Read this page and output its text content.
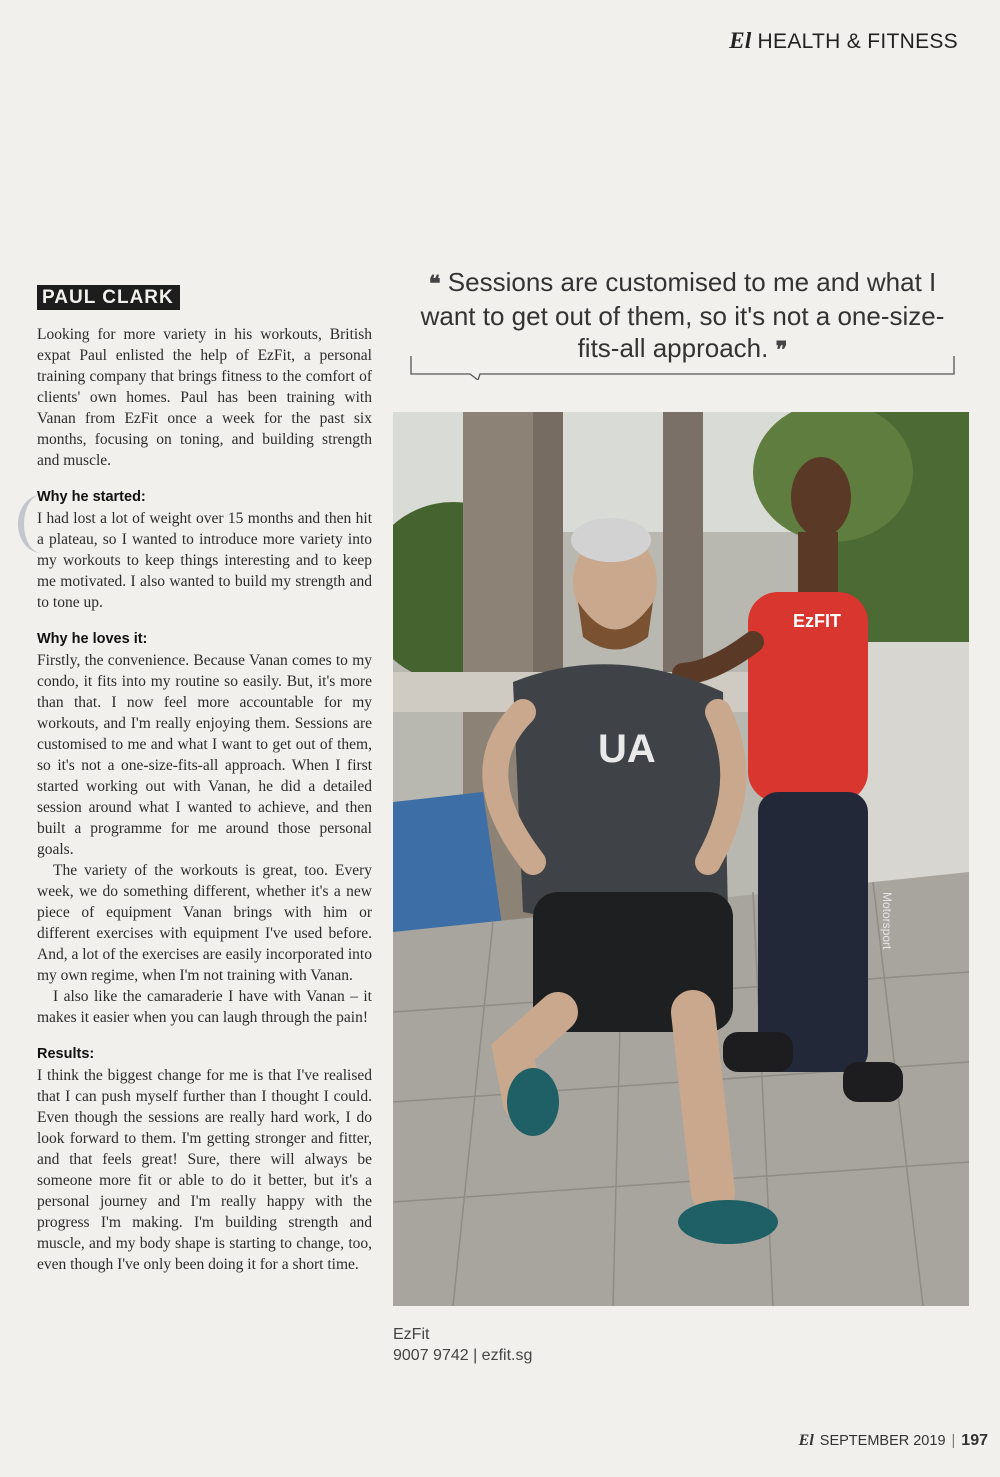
El HEALTH & FITNESS
PAUL CLARK

Looking for more variety in his workouts, British expat Paul enlisted the help of EzFit, a personal training company that brings fitness to the comfort of clients' own homes. Paul has been training with Vanan from EzFit once a week for the past six months, focusing on toning, and building strength and muscle.

Why he started:

I had lost a lot of weight over 15 months and then hit a plateau, so I wanted to introduce more variety into my workouts to keep things interesting and to keep me motivated. I also wanted to build my strength and to tone up.

Why he loves it:

Firstly, the convenience. Because Vanan comes to my condo, it fits into my routine so easily. But, it's more than that. I now feel more accountable for my workouts, and I'm really enjoying them. Sessions are customised to me and what I want to get out of them, so it's not a one-size-fits-all approach. When I first started working out with Vanan, he did a detailed session around what I wanted to achieve, and then built a programme for me around those personal goals.

The variety of the workouts is great, too. Every week, we do something different, whether it's a new piece of equipment Vanan brings with him or different exercises with equipment I've used before. And, a lot of the exercises are easily incorporated into my own regime, when I'm not training with Vanan.

I also like the camaraderie I have with Vanan – it makes it easier when you can laugh through the pain!

Results:

I think the biggest change for me is that I've realised that I can push myself further than I thought I could. Even though the sessions are really hard work, I do look forward to them. I'm getting stronger and fitter, and that feels great! Sure, there will always be someone more fit or able to do it better, but it's a personal journey and I'm really happy with the progress I'm making. I'm building strength and muscle, and my body shape is starting to change, too, even though I've only been doing it for a short time.

❝ Sessions are customised to me and what I want to get out of them, so it's not a one-size-fits-all approach. ❞
EzFIT
Motorsport
UA
EzFit
9007 9742 | ezfit.sg
El SEPTEMBER 2019 | 197
